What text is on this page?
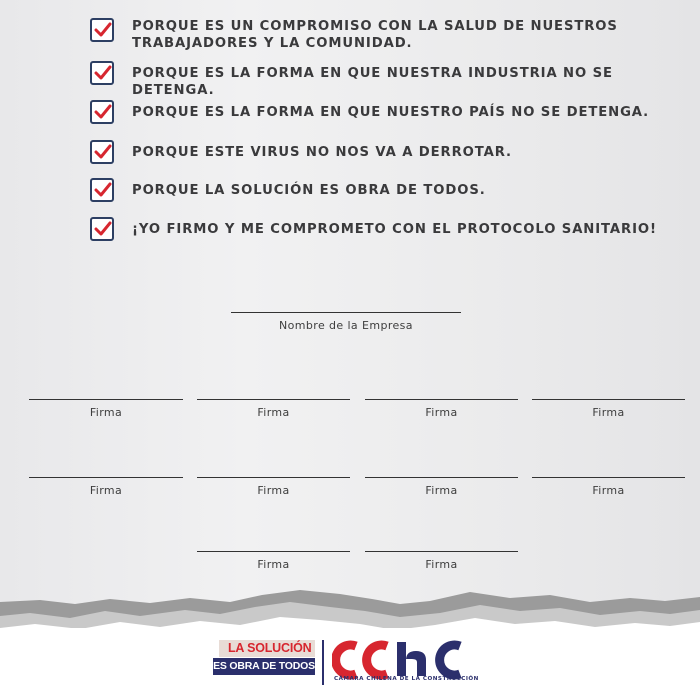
PORQUE ES UN COMPROMISO CON LA SALUD DE NUESTROS
TRABAJADORES Y LA COMUNIDAD.
PORQUE ES LA FORMA EN QUE NUESTRA INDUSTRIA NO SE DETENGA.
PORQUE ES LA FORMA EN QUE NUESTRO PAÍS NO SE DETENGA.
PORQUE ESTE VIRUS NO NOS VA A DERROTAR.
PORQUE LA SOLUCIÓN ES OBRA DE TODOS.
¡YO FIRMO Y ME COMPROMETO CON EL PROTOCOLO SANITARIO!
Nombre de la Empresa
Firma	Firma	Firma	Firma
Firma	Firma	Firma	Firma
Firma	Firma
LA SOLUCIÓN
ES OBRA DE TODOS
CÁMARA CHILENA DE LA CONSTRUCCIÓN
